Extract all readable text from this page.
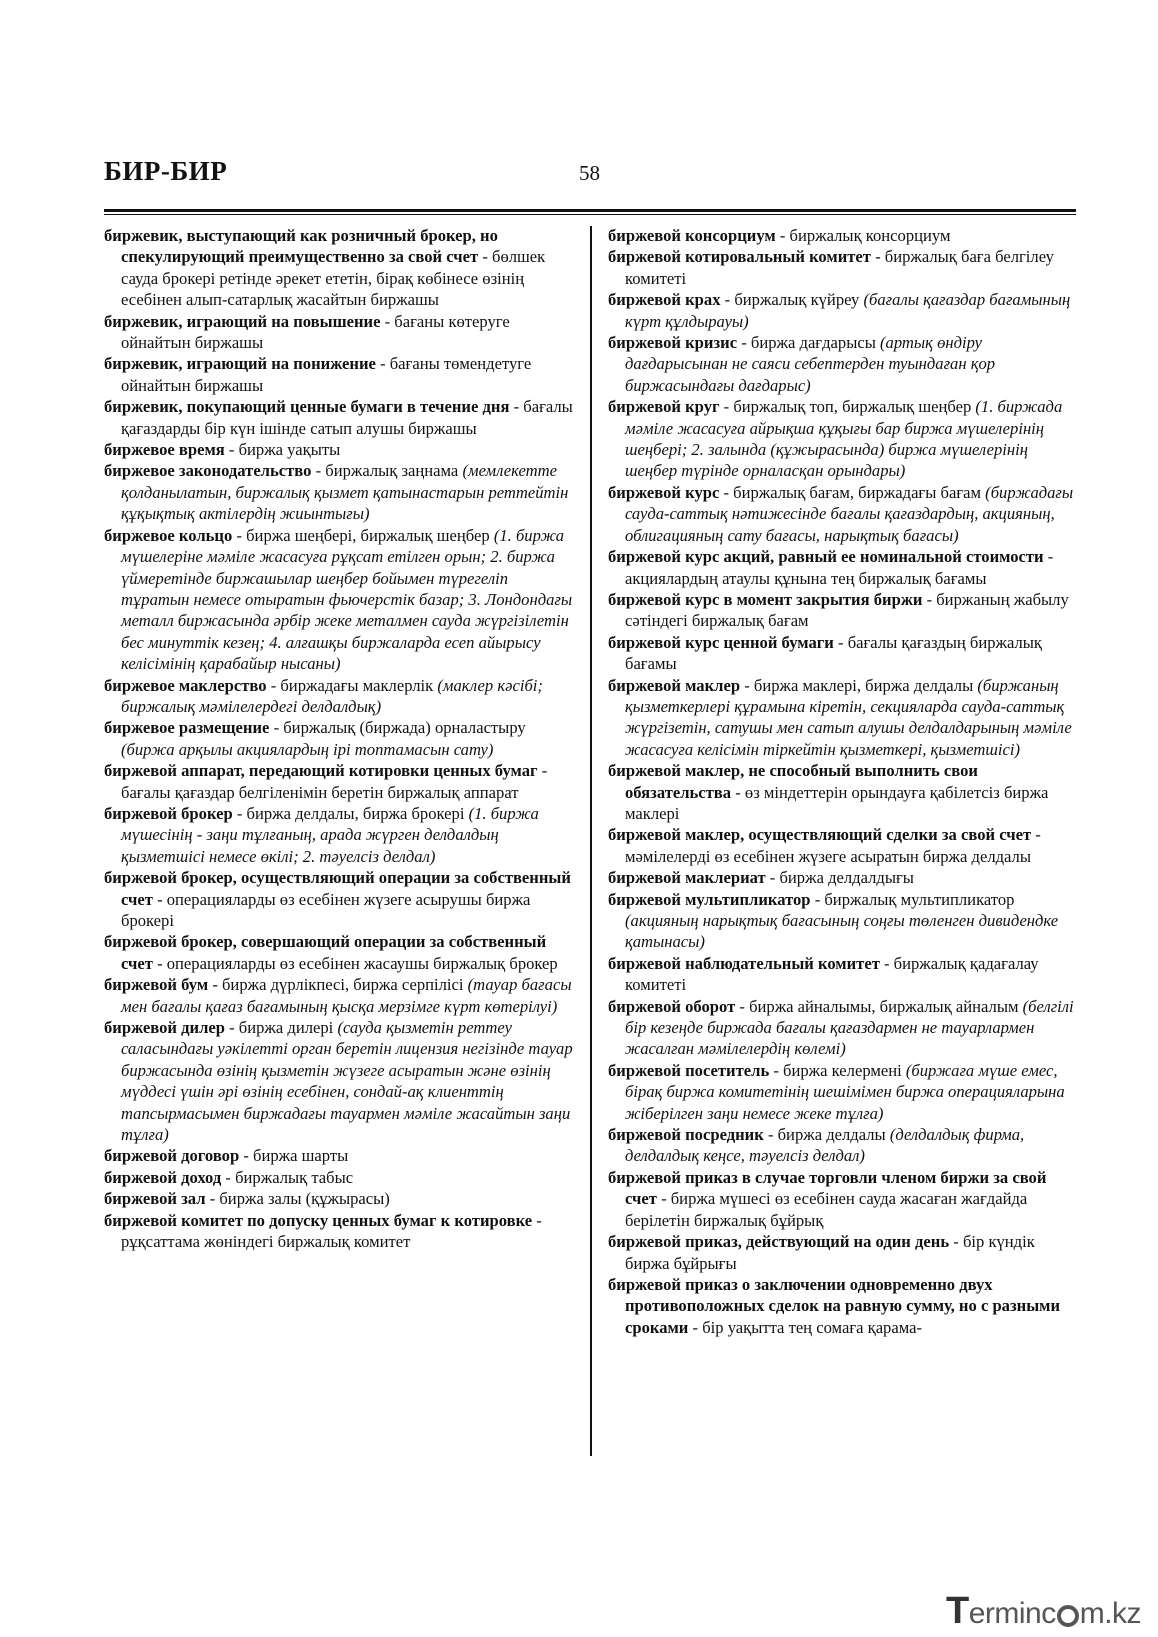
БИР-БИР	58

биржевик, выступающий как розничный брокер, но спекулирующий преимущественно за свой счет - бөлшек сауда брокері ретінде әрекет ететін, бірақ көбінесе өзінің есебінен алып-сатарлық жасайтын биржашы

биржевик, играющий на повышение - бағаны көтеруге ойнайтын биржашы

биржевик, играющий на понижение - бағаны төмендетуге ойнайтын биржашы

биржевик, покупающий ценные бумаги в течение дня - бағалы қағаздарды бір күн ішінде сатып алушы биржашы

биржевое время - биржа уақыты

биржевое законодательство - биржалық заңнама (мемлекетте қолданылатын, биржалық қызмет қатынастарын реттейтін құқықтық актілердің жиынтығы)

биржевое кольцо - биржа шеңбері, биржалық шеңбер (1. биржа мүшелеріне мәміле жасасуға рұқсат етілген орын; 2. биржа үймеретінде биржашылар шеңбер бойымен түрегеліп тұратын немесе отыратын фьючерстік базар; 3. Лондондағы металл биржасында әрбір жеке металмен сауда жүргізілетін бес минуттік кезең; 4. алғашқы биржаларда есеп айырысу келісімінің қарабайыр нысаны)

биржевое маклерство - биржадағы маклерлік (маклер кәсібі; биржалық мәмілелердегі делдалдық)

биржевое размещение - биржалық (биржада) орналастыру (биржа арқылы акциялардың ірі топтамасын сату)

биржевой аппарат, передающий котировки ценных бумаг - бағалы қағаздар белгіленімін беретін биржалық аппарат

биржевой брокер - биржа делдалы, биржа брокері (1. биржа мүшесінің - заңи тұлғаның, арада жүрген делдалдың қызметшісі немесе өкілі; 2. тәуелсіз делдал)

биржевой брокер, осуществляющий операции за собственный счет - операцияларды өз есебінен жүзеге асырушы биржа брокері

биржевой брокер, совершающий операции за собственный счет - операцияларды өз есебінен жасаушы биржалық брокер

биржевой бум - биржа дүрлікпесі, биржа серпілісі (тауар бағасы мен бағалы қағаз бағамының қысқа мерзімге күрт көтерілуі)

биржевой дилер - биржа дилері (сауда қызметін реттеу саласындағы уәкілетті орган беретін лицензия негізінде тауар биржасында өзінің қызметін жүзеге асыратын және өзінің мүддесі үшін әрі өзінің есебінен, сондай-ақ клиенттің тапсырмасымен биржадағы тауармен мәміле жасайтын заңи тұлға)

биржевой договор - биржа шарты

биржевой доход - биржалық табыс

биржевой зал - биржа залы (құжырасы)

биржевой комитет по допуску ценных бумаг к котировке - рұқсаттама жөніндегі биржалық комитет

биржевой консорциум - биржалық консорциум

биржевой котировальный комитет - биржалық баға белгілеу комитеті

биржевой крах - биржалық күйреу (бағалы қағаздар бағамының күрт құлдырауы)

биржевой кризис - биржа дағдарысы (артық өндіру дағдарысынан не саяси себептерден туындаған қор биржасындағы дағдарыс)

биржевой круг - биржалық топ, биржалық шеңбер (1. биржада мәміле жасасуға айрықша құқығы бар биржа мүшелерінің шеңбері; 2. залында (құжырасында) биржа мүшелерінің шеңбер түрінде орналасқан орындары)

биржевой курс - биржалық бағам, биржадағы бағам (биржадағы сауда-саттық нәтижесінде бағалы қағаздардың, акцияның, облигацияның сату бағасы, нарықтық бағасы)

биржевой курс акций, равный ее номинальной стоимости - акциялардың атаулы құнына тең биржалық бағамы

биржевой курс в момент закрытия биржи - биржаның жабылу сәтіндегі биржалық бағам

биржевой курс ценной бумаги - бағалы қағаздың биржалық бағамы

биржевой маклер - биржа маклері, биржа делдалы (биржаның қызметкерлері құрамына кіретін, секцияларда сауда-саттық жүргізетін, сатушы мен сатып алушы делдалдарының мәміле жасасуға келісімін тіркейтін қызметкері, қызметшісі)

биржевой маклер, не способный выполнить свои обязательства - өз міндеттерін орындауға қабілетсіз биржа маклері

биржевой маклер, осуществляющий сделки за свой счет - мәмілелерді өз есебінен жүзеге асыратын биржа делдалы

биржевой маклериат - биржа делдалдығы

биржевой мультипликатор - биржалық мультипликатор (акцияның нарықтық бағасының соңғы төленген дивидендке қатынасы)

биржевой наблюдательный комитет - биржалық қадағалау комитеті

биржевой оборот - биржа айналымы, биржалық айналым (белгілі бір кезеңде биржада бағалы қағаздармен не тауарлармен жасалған мәмілелердің көлемі)

биржевой посетитель - биржа келермені (биржаға мүше емес, бірақ биржа комитетінің шешімімен биржа операцияларына жіберілген заңи немесе жеке тұлға)

биржевой посредник - биржа делдалы (делдалдық фирма, делдалдық кеңсе, тәуелсіз делдал)

биржевой приказ в случае торговли членом биржи за свой счет - биржа мүшесі өз есебінен сауда жасаған жағдайда берілетін биржалық бұйрық

биржевой приказ, действующий на один день - бір күндік биржа бұйрығы

биржевой приказ о заключении одновременно двух противоположных сделок на равную сумму, но с разными сроками - бір уақытта тең сомаға қарама-

Terminc m.kz
